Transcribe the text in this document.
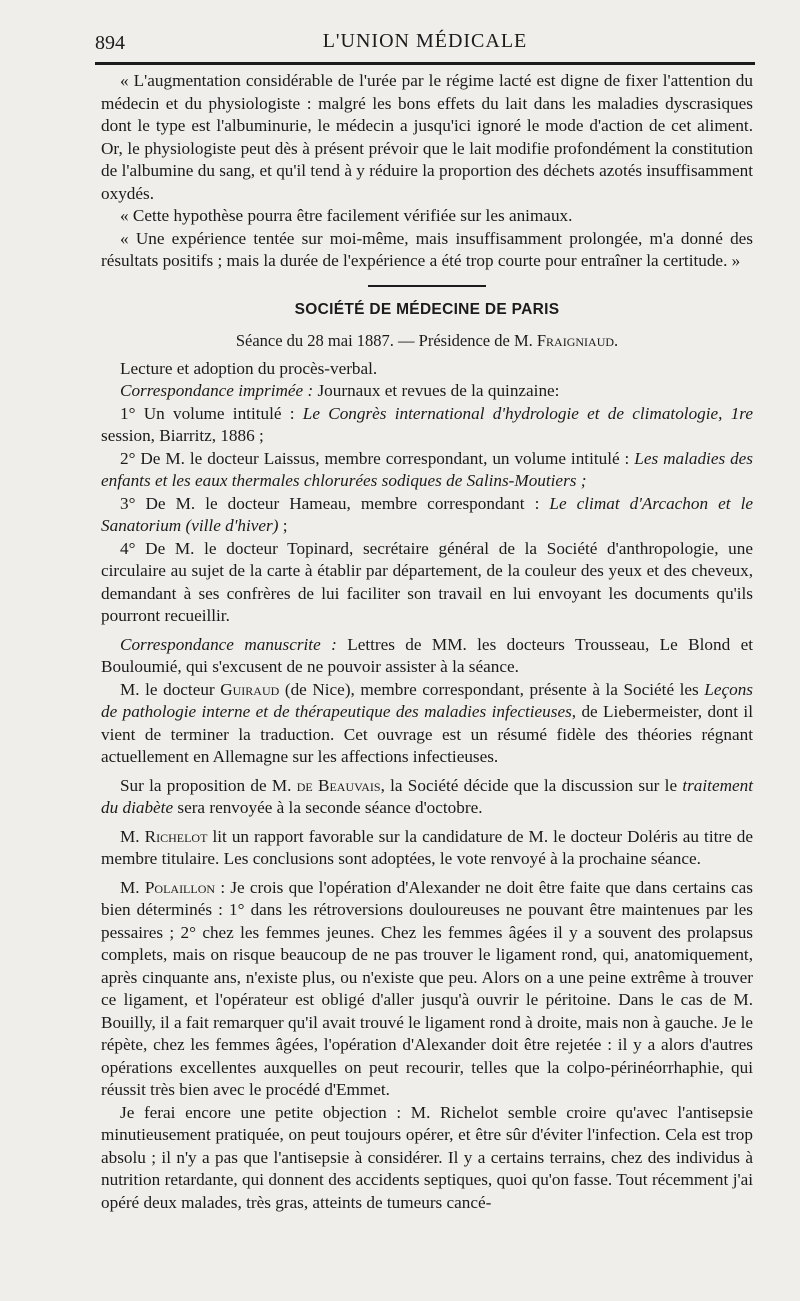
894	L'UNION MÉDICALE

« L'augmentation considérable de l'urée par le régime lacté est digne de fixer l'attention du médecin et du physiologiste : malgré les bons effets du lait dans les maladies dyscrasiques dont le type est l'albuminurie, le médecin a jusqu'ici ignoré le mode d'action de cet aliment. Or, le physiologiste peut dès à présent prévoir que le lait modifie profondément la constitution de l'albumine du sang, et qu'il tend à y réduire la proportion des déchets azotés insuffisamment oxydés.

« Cette hypothèse pourra être facilement vérifiée sur les animaux.

« Une expérience tentée sur moi-même, mais insuffisamment prolongée, m'a donné des résultats positifs ; mais la durée de l'expérience a été trop courte pour entraîner la certitude. »

SOCIÉTÉ DE MÉDECINE DE PARIS
Séance du 28 mai 1887. — Présidence de M. Fraigniaud.

Lecture et adoption du procès-verbal.

Correspondance imprimée : Journaux et revues de la quinzaine:

1° Un volume intitulé : Le Congrès international d'hydrologie et de climatologie, 1re session, Biarritz, 1886 ;

2° De M. le docteur Laissus, membre correspondant, un volume intitulé : Les maladies des enfants et les eaux thermales chlorurées sodiques de Salins-Moutiers ;

3° De M. le docteur Hameau, membre correspondant : Le climat d'Arcachon et le Sanatorium (ville d'hiver) ;

4° De M. le docteur Topinard, secrétaire général de la Société d'anthropologie, une circulaire au sujet de la carte à établir par département, de la couleur des yeux et des cheveux, demandant à ses confrères de lui faciliter son travail en lui envoyant les documents qu'ils pourront recueillir.

Correspondance manuscrite : Lettres de MM. les docteurs Trousseau, Le Blond et Bouloumié, qui s'excusent de ne pouvoir assister à la séance.

M. le docteur Guiraud (de Nice), membre correspondant, présente à la Société les Leçons de pathologie interne et de thérapeutique des maladies infectieuses, de Liebermeister, dont il vient de terminer la traduction. Cet ouvrage est un résumé fidèle des théories régnant actuellement en Allemagne sur les affections infectieuses.

Sur la proposition de M. de Beauvais, la Société décide que la discussion sur le traitement du diabète sera renvoyée à la seconde séance d'octobre.

M. Richelot lit un rapport favorable sur la candidature de M. le docteur Doléris au titre de membre titulaire. Les conclusions sont adoptées, le vote renvoyé à la prochaine séance.

M. Polaillon : Je crois que l'opération d'Alexander ne doit être faite que dans certains cas bien déterminés : 1° dans les rétroversions douloureuses ne pouvant être maintenues par les pessaires ; 2° chez les femmes jeunes. Chez les femmes âgées il y a souvent des prolapsus complets, mais on risque beaucoup de ne pas trouver le ligament rond, qui, anatomiquement, après cinquante ans, n'existe plus, ou n'existe que peu. Alors on a une peine extrême à trouver ce ligament, et l'opérateur est obligé d'aller jusqu'à ouvrir le péritoine. Dans le cas de M. Bouilly, il a fait remarquer qu'il avait trouvé le ligament rond à droite, mais non à gauche. Je le répète, chez les femmes âgées, l'opération d'Alexander doit être rejetée : il y a alors d'autres opérations excellentes auxquelles on peut recourir, telles que la colpo-périnéorrhaphie, qui réussit très bien avec le procédé d'Emmet.

Je ferai encore une petite objection : M. Richelot semble croire qu'avec l'antisepsie minutieusement pratiquée, on peut toujours opérer, et être sûr d'éviter l'infection. Cela est trop absolu ; il n'y a pas que l'antisepsie à considérer. Il y a certains terrains, chez des individus à nutrition retardante, qui donnent des accidents septiques, quoi qu'on fasse. Tout récemment j'ai opéré deux malades, très gras, atteints de tumeurs cancé-
